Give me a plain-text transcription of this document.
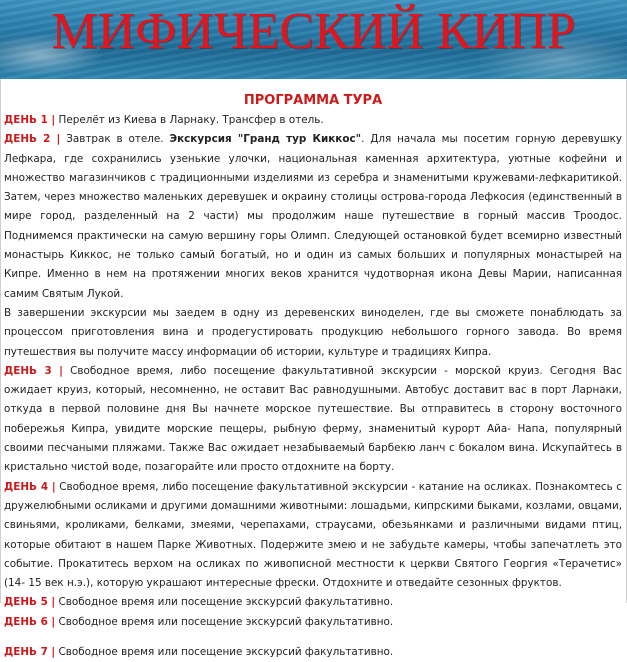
МИФИЧЕСКИЙ КИПР
ПРОГРАММА ТУРА

ДЕНЬ 1 | Перелёт из Киева в Ларнаку. Трансфер в отель.

ДЕНЬ 2 | Завтрак в отеле. Экскурсия "Гранд тур Киккос". Для начала мы посетим горную деревушку Лефкара, где сохранились узенькие улочки, национальная каменная архитектура, уютные кофейни и множество магазинчиков с традиционными изделиями из серебра и знаменитыми кружевами-лефкаритикой. Затем, через множество маленьких деревушек и окраину столицы острова-города Лефкосия (единственный в мире город, разделенный на 2 части) мы продолжим наше путешествие в горный массив Троодос. Поднимемся практически на самую вершину горы Олимп. Следующей остановкой будет всемирно известный монастырь Киккос, не только самый богатый, но и один из самых больших и популярных монастырей на Кипре. Именно в нем на протяжении многих веков хранится чудотворная икона Девы Марии, написанная самим Святым Лукой.

В завершении экскурсии мы заедем в одну из деревенских виноделен, где вы сможете понаблюдать за процессом приготовления вина и продегустировать продукцию небольшого горного завода. Во время путешествия вы получите массу информации об истории, культуре и традициях Кипра.

ДЕНЬ 3 | Свободное время, либо посещение факультативной экскурсии - морской круиз. Сегодня Вас ожидает круиз, который, несомненно, не оставит Вас равнодушными. Автобус доставит вас в порт Ларнаки, откуда в первой половине дня Вы начнете морское путешествие. Вы отправитесь в сторону восточного побережья Кипра, увидите морские пещеры, рыбную ферму, знаменитый курорт Айа- Напа, популярный своими песчаными пляжами. Также Вас ожидает незабываемый барбекю ланч с бокалом вина. Искупайтесь в кристально чистой воде, позагорайте или просто отдохните на борту.

ДЕНЬ 4 | Свободное время, либо посещение факультативной экскурсии - катание на осликах. Познакомтесь с дружелюбными осликами и другими домашними животными: лошадьми, кипрскими быками, козлами, овцами, свиньями, кроликами, белками, змеями, черепахами, страусами, обезьянками и различными видами птиц, которые обитают в нашем Парке Животных. Подержите змею и не забудьте камеры, чтобы запечатлеть это событие. Прокатитесь верхом на осликах по живописной местности к церкви Святого Георгия «Терачетис» (14- 15 век н.э.), которую украшают интересные фрески. Отдохните и отведайте сезонных фруктов.

ДЕНЬ 5 | Свободное время или посещение экскурсий факультативно.

ДЕНЬ 6 | Свободное время или посещение экскурсий факультативно.

ДЕНЬ 7 | Свободное время или посещение экскурсий факультативно.
